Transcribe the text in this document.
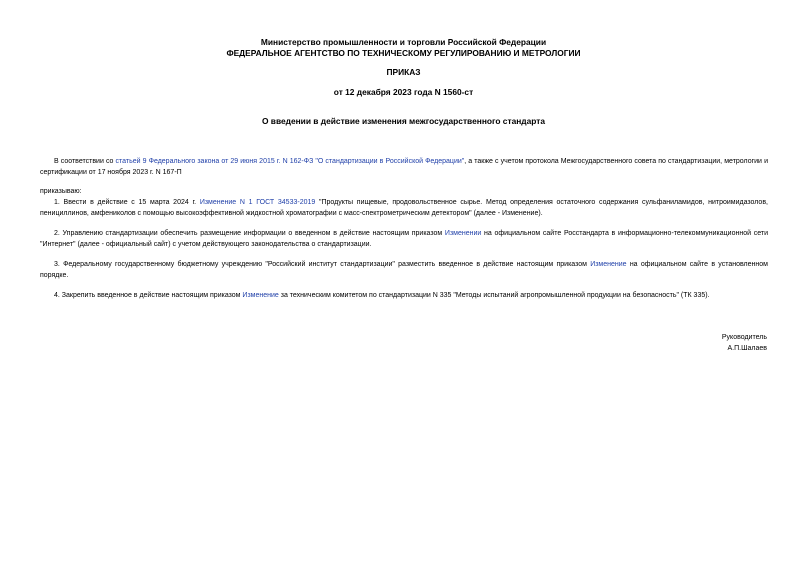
Министерство промышленности и торговли Российской Федерации
ФЕДЕРАЛЬНОЕ АГЕНТСТВО ПО ТЕХНИЧЕСКОМУ РЕГУЛИРОВАНИЮ И МЕТРОЛОГИИ
ПРИКАЗ
от 12 декабря 2023 года N 1560-ст
О введении в действие изменения межгосударственного стандарта
В соответствии со статьей 9 Федерального закона от 29 июня 2015 г. N 162-ФЗ "О стандартизации в Российской Федерации", а также с учетом протокола Межгосударственного совета по стандартизации, метрологии и сертификации от 17 ноября 2023 г. N 167-П
приказываю:
1. Ввести в действие с 15 марта 2024 г. Изменение N 1 ГОСТ 34533-2019 "Продукты пищевые, продовольственное сырье. Метод определения остаточного содержания сульфаниламидов, нитроимидазолов, пенициллинов, амфениколов с помощью высокоэффективной жидкостной хроматографии с масс-спектрометрическим детектором" (далее - Изменение).
2. Управлению стандартизации обеспечить размещение информации о введенном в действие настоящим приказом Изменении на официальном сайте Росстандарта в информационно-телекоммуникационной сети "Интернет" (далее - официальный сайт) с учетом действующего законодательства о стандартизации.
3. Федеральному государственному бюджетному учреждению "Российский институт стандартизации" разместить введенное в действие настоящим приказом Изменение на официальном сайте в установленном порядке.
4. Закрепить введенное в действие настоящим приказом Изменение за техническим комитетом по стандартизации N 335 "Методы испытаний агропромышленной продукции на безопасность" (ТК 335).
Руководитель
А.П.Шалаев
